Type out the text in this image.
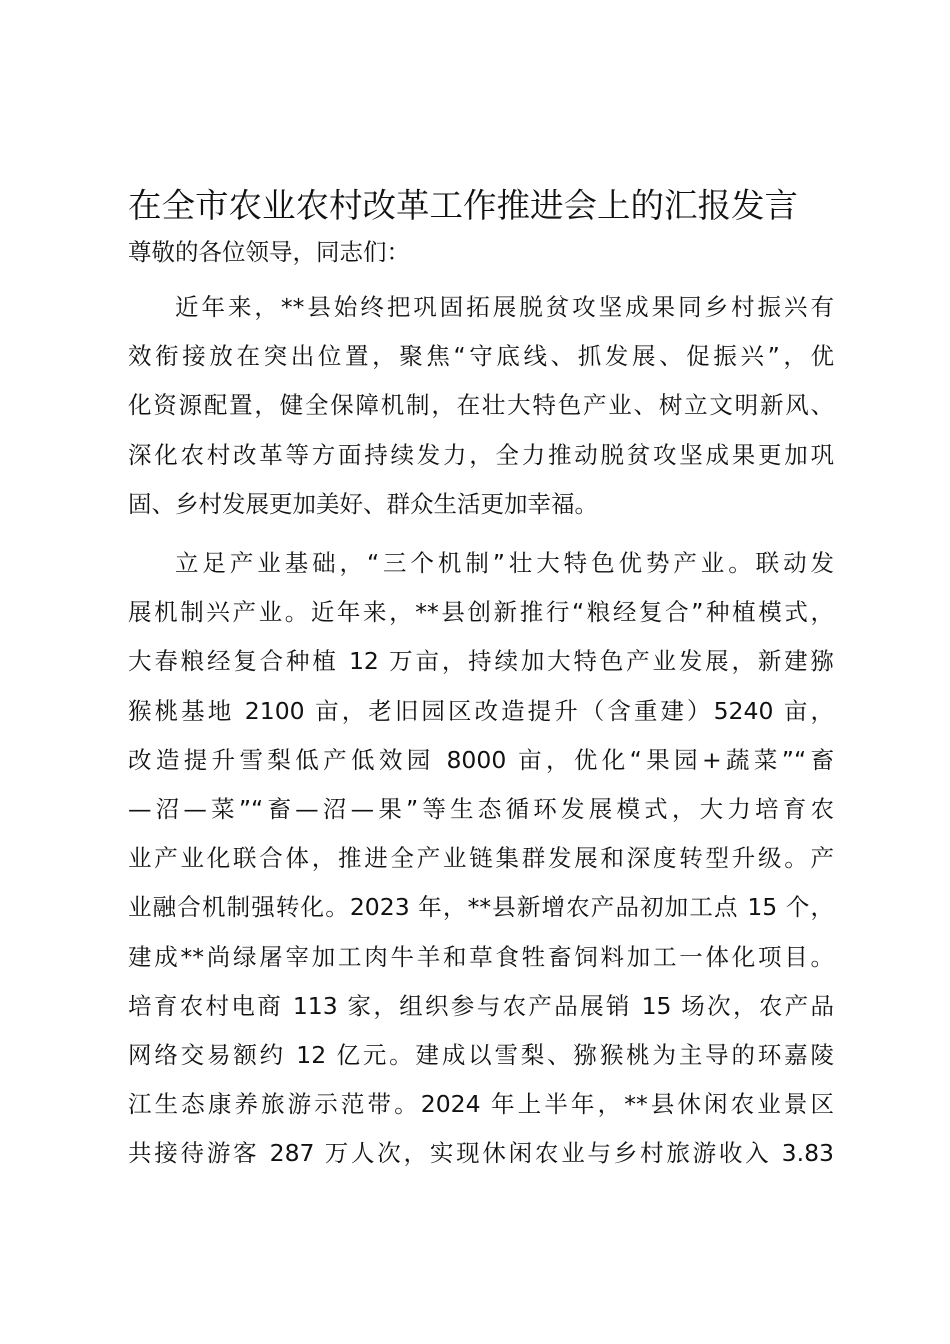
在全市农业农村改革工作推进会上的汇报发言

尊敬的各位领导，同志们：

近年来，**县始终把巩固拓展脱贫攻坚成果同乡村振兴有
效衔接放在突出位置，聚焦“守底线、抓发展、促振兴”，优
化资源配置，健全保障机制，在壮大特色产业、树立文明新风、
深化农村改革等方面持续发力，全力推动脱贫攻坚成果更加巩
固、乡村发展更加美好、群众生活更加幸福。

立足产业基础，“三个机制”壮大特色优势产业。联动发
展机制兴产业。近年来，**县创新推行“粮经复合”种植模式，
大春粮经复合种植 12 万亩，持续加大特色产业发展，新建猕
猴桃基地 2100 亩，老旧园区改造提升（含重建）5240 亩，
改造提升雪梨低产低效园 8000 亩，优化“果园+蔬菜”“畜
—沼—菜”“畜—沼—果”等生态循环发展模式，大力培育农
业产业化联合体，推进全产业链集群发展和深度转型升级。产
业融合机制强转化。2023 年，**县新增农产品初加工点 15 个，
建成**尚绿屠宰加工肉牛羊和草食牲畜饲料加工一体化项目。
培育农村电商 113 家，组织参与农产品展销 15 场次，农产品
网络交易额约 12 亿元。建成以雪梨、猕猴桃为主导的环嘉陵
江生态康养旅游示范带。2024 年上半年，**县休闲农业景区
共接待游客 287 万人次，实现休闲农业与乡村旅游收入 3.83
